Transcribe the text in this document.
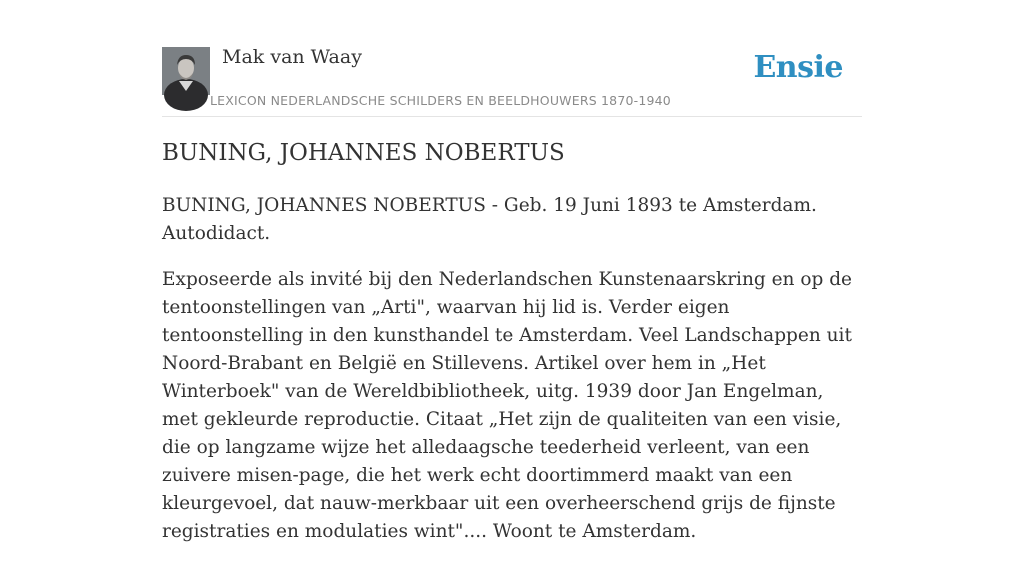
Mak van Waay
LEXICON NEDERLANDSCHE SCHILDERS EN BEELDHOUWERS 1870-1940
Ensie
BUNING, JOHANNES NOBERTUS

BUNING, JOHANNES NOBERTUS - Geb. 19 Juni 1893 te Amsterdam. Autodidact.

Exposeerde als invité bij den Nederlandschen Kunstenaarskring en op de tentoonstellingen van „Arti", waarvan hij lid is. Verder eigen tentoonstelling in den kunsthandel te Amsterdam. Veel Landschappen uit Noord-Brabant en België en Stillevens. Artikel over hem in „Het Winterboek" van de Wereldbibliotheek, uitg. 1939 door Jan Engelman, met gekleurde reproductie. Citaat „Het zijn de qualiteiten van een visie, die op langzame wijze het alledaagsche teederheid verleent, van een zuivere misen-page, die het werk echt doortimmerd maakt van een kleurgevoel, dat nauw-merkbaar uit een overheerschend grijs de fijnste registraties en modulaties wint".... Woont te Amsterdam.
